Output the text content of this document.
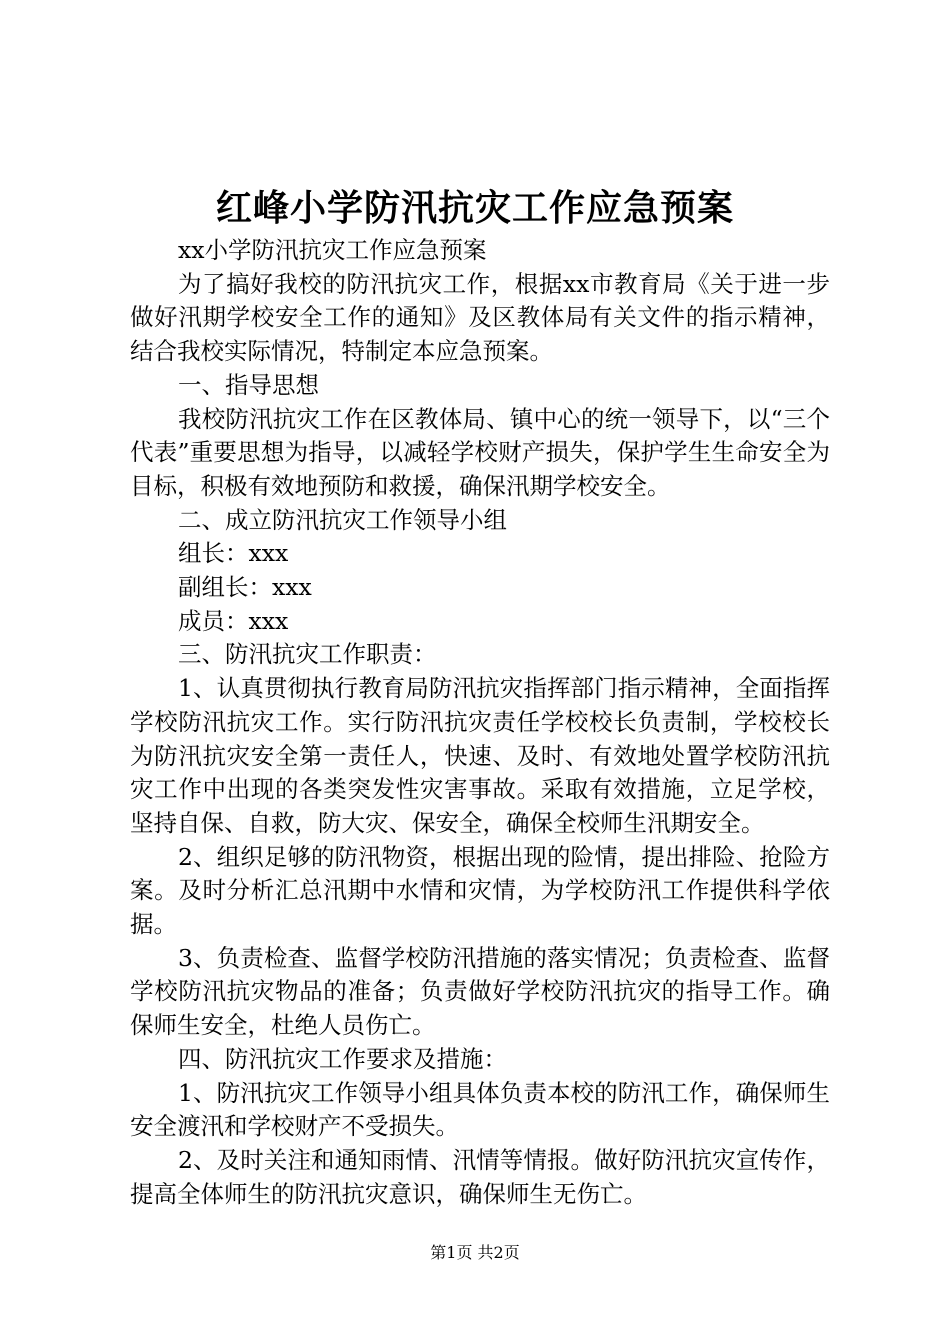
红峰小学防汛抗灾工作应急预案

xx小学防汛抗灾工作应急预案

为了搞好我校的防汛抗灾工作，根据xx市教育局《关于进一步做好汛期学校安全工作的通知》及区教体局有关文件的指示精神，结合我校实际情况，特制定本应急预案。

一、指导思想

我校防汛抗灾工作在区教体局、镇中心的统一领导下，以“三个代表”重要思想为指导，以减轻学校财产损失，保护学生生命安全为目标，积极有效地预防和救援，确保汛期学校安全。

二、成立防汛抗灾工作领导小组

组长：xxx

副组长：xxx

成员：xxx

三、防汛抗灾工作职责：

1、认真贯彻执行教育局防汛抗灾指挥部门指示精神，全面指挥学校防汛抗灾工作。实行防汛抗灾责任学校校长负责制，学校校长为防汛抗灾安全第一责任人，快速、及时、有效地处置学校防汛抗灾工作中出现的各类突发性灾害事故。采取有效措施，立足学校，坚持自保、自救，防大灾、保安全，确保全校师生汛期安全。

2、组织足够的防汛物资，根据出现的险情，提出排险、抢险方案。及时分析汇总汛期中水情和灾情，为学校防汛工作提供科学依据。

3、负责检查、监督学校防汛措施的落实情况；负责检查、监督学校防汛抗灾物品的准备；负责做好学校防汛抗灾的指导工作。确保师生安全，杜绝人员伤亡。

四、防汛抗灾工作要求及措施：

1、防汛抗灾工作领导小组具体负责本校的防汛工作，确保师生安全渡汛和学校财产不受损失。

2、及时关注和通知雨情、汛情等情报。做好防汛抗灾宣传作，提高全体师生的防汛抗灾意识，确保师生无伤亡。

第1页 共2页
